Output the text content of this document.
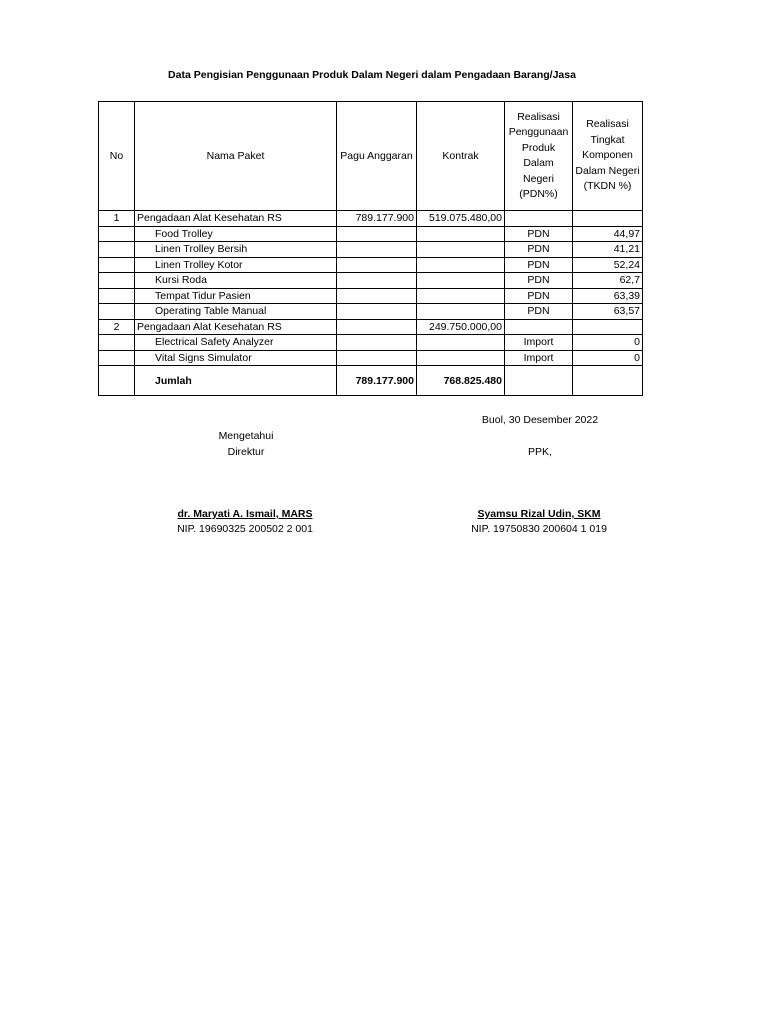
Data Pengisian Penggunaan Produk Dalam Negeri dalam Pengadaan Barang/Jasa
No	Nama Paket	Pagu Anggaran	Kontrak	Realisasi Penggunaan Produk Dalam Negeri (PDN%)	Realisasi Tingkat Komponen Dalam Negeri (TKDN %)
1	Pengadaan Alat Kesehatan RS	789.177.900	519.075.480,00		
	Food Trolley			PDN	44,97
	Linen Trolley Bersih			PDN	41,21
	Linen Trolley Kotor			PDN	52,24
	Kursi Roda			PDN	62,7
	Tempat Tidur Pasien			PDN	63,39
	Operating Table Manual			PDN	63,57
2	Pengadaan Alat Kesehatan RS		249.750.000,00		
	Electrical Safety Analyzer			Import	0
	Vital Signs Simulator			Import	0
	Jumlah	789.177.900	768.825.480		
Buol, 30 Desember 2022
Mengetahui
Direktur	PPK,
dr. Maryati A. Ismail, MARS
NIP. 19690325 200502 2 001
Syamsu Rizal Udin, SKM
NIP. 19750830 200604 1 019
